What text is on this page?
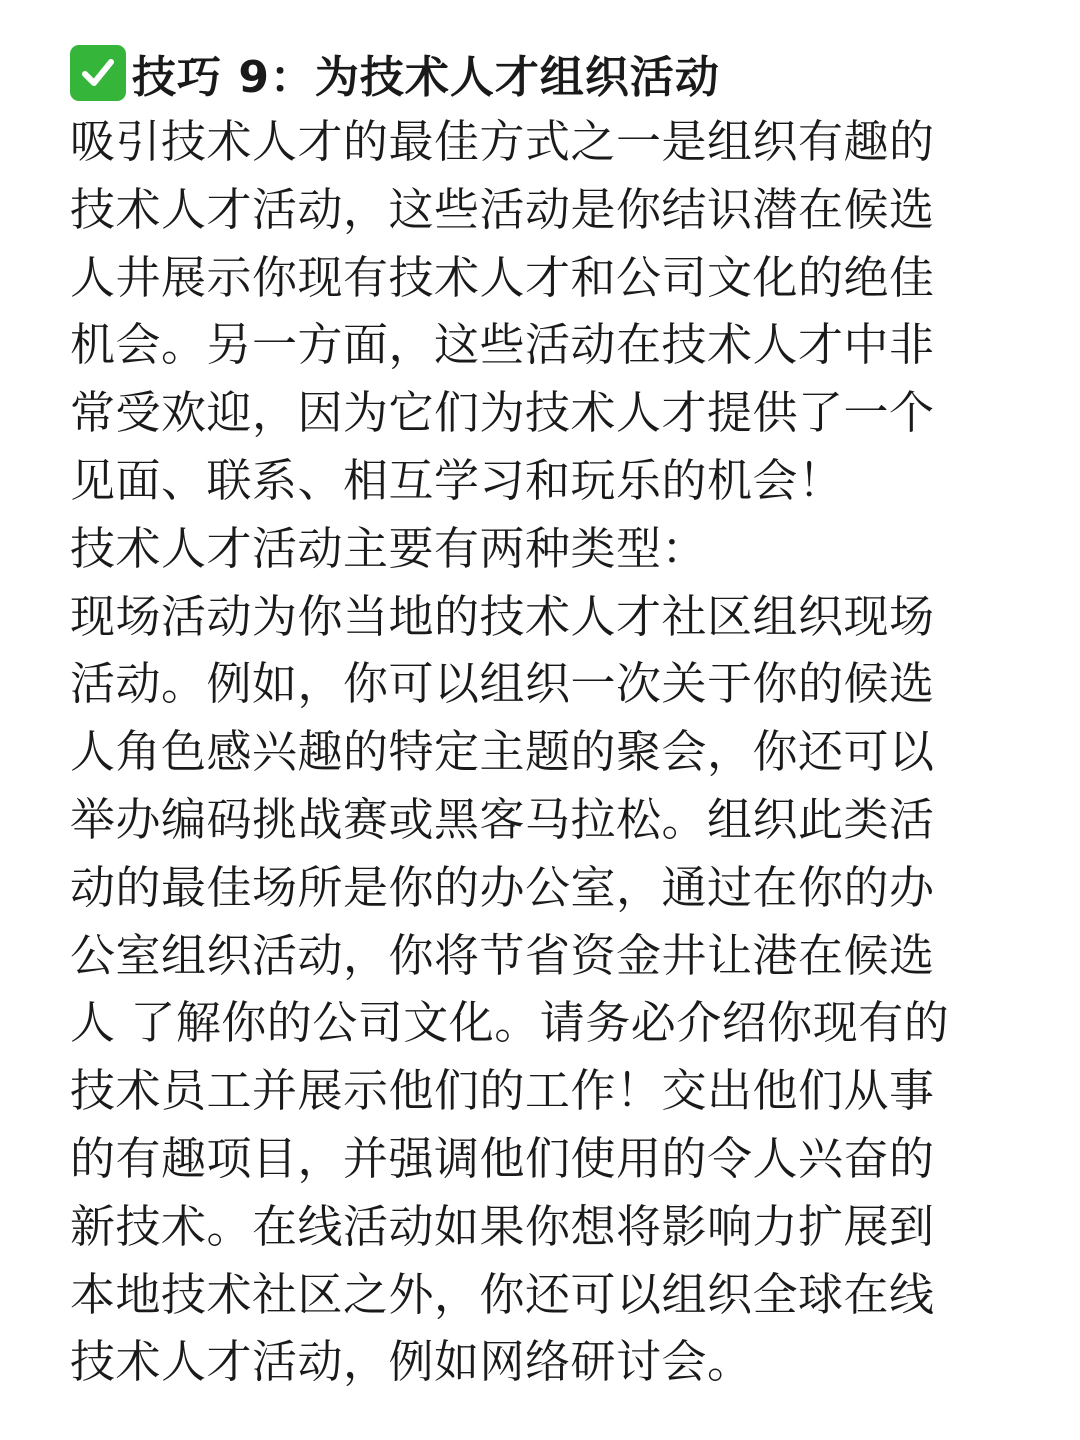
技巧 9：为技术人才组织活动
吸引技术人才的最佳方式之一是组织有趣的
技术人才活动，这些活动是你结识潜在候选
人井展示你现有技术人才和公司文化的绝佳
机会。另一方面，这些活动在技术人才中非
常受欢迎，因为它们为技术人才提供了一个
见面、联系、相互学习和玩乐的机会！
技术人才活动主要有两种类型：
现场活动为你当地的技术人才社区组织现场
活动。例如，你可以组织一次关于你的候选
人角色感兴趣的特定主题的聚会，你还可以
举办编码挑战赛或黑客马拉松。组织此类活
动的最佳场所是你的办公室，通过在你的办
公室组织活动，你将节省资金井让港在候选
人 了解你的公司文化。请务必介绍你现有的
技术员工并展示他们的工作！交出他们从事
的有趣项目，并强调他们使用的令人兴奋的
新技术。在线活动如果你想将影响力扩展到
本地技术社区之外，你还可以组织全球在线
技术人才活动，例如网络研讨会。
